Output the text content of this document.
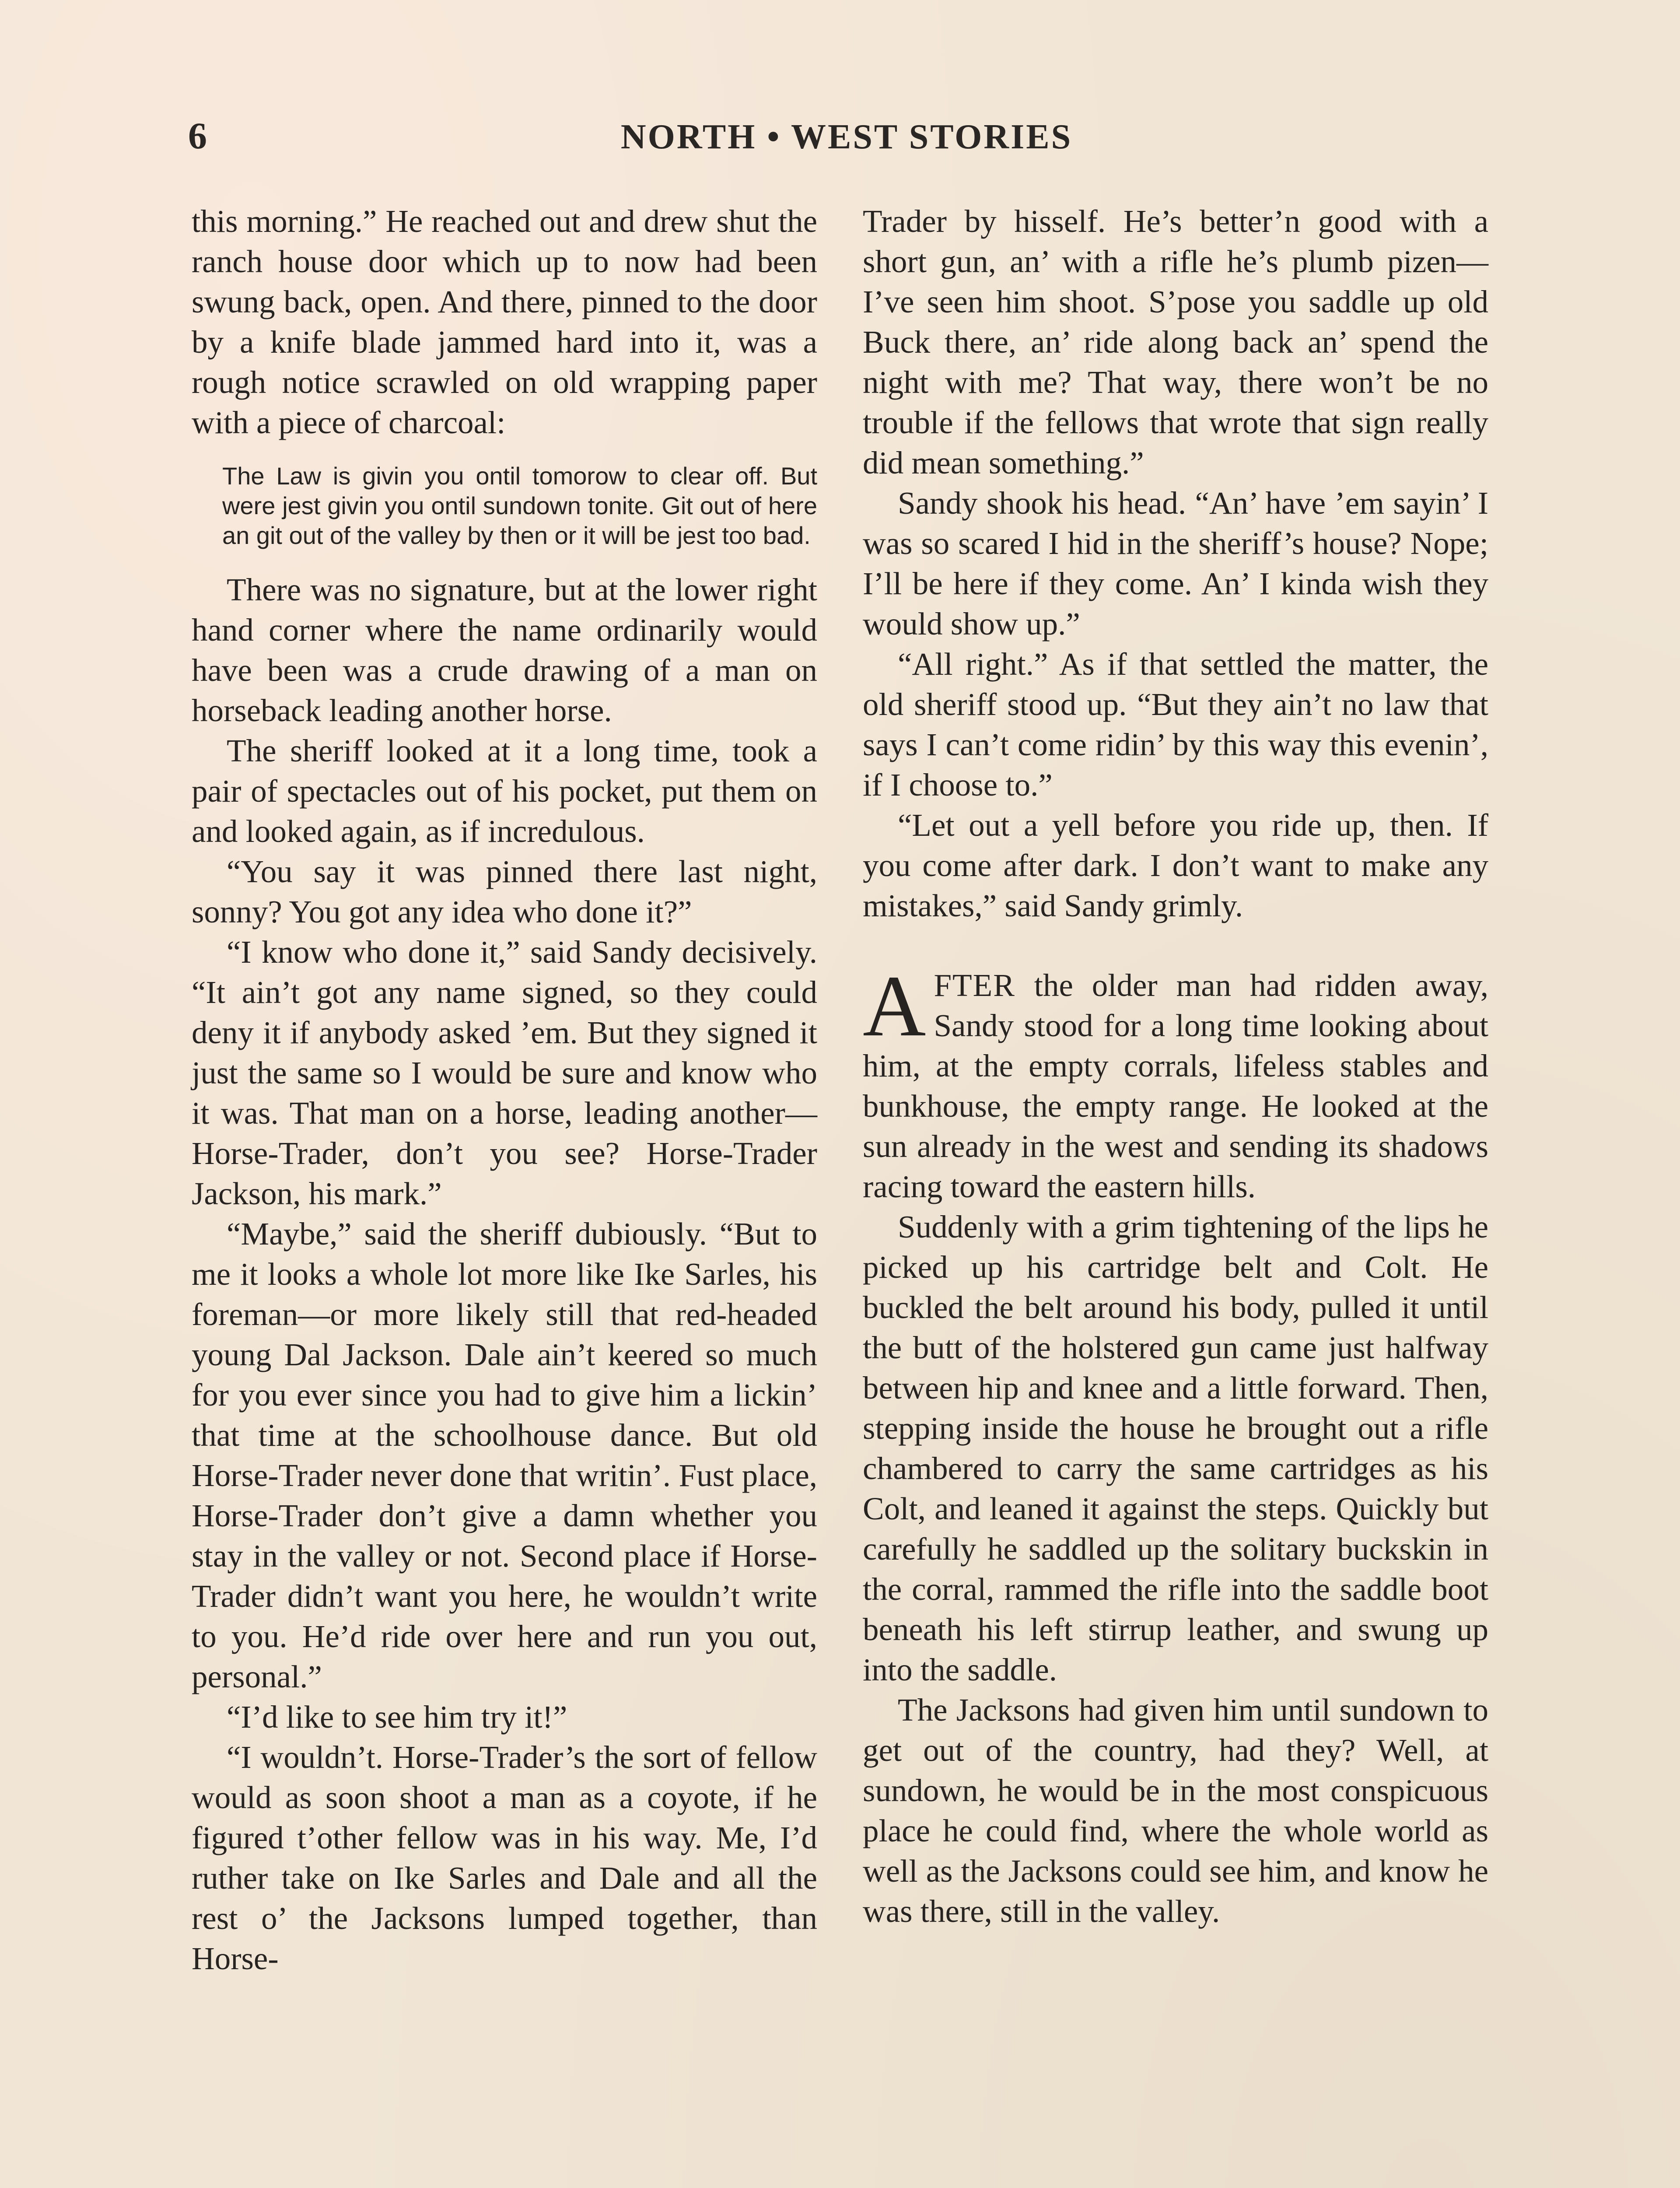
6	NORTH • WEST STORIES

this morning.” He reached out and drew shut the ranch house door which up to now had been swung back, open. And there, pinned to the door by a knife blade jammed hard into it, was a rough notice scrawled on old wrapping paper with a piece of charcoal:

The Law is givin you ontil tomorow to clear off. But were jest givin you ontil sundown tonite. Git out of here an git out of the valley by then or it will be jest too bad.

There was no signature, but at the lower right hand corner where the name ordinarily would have been was a crude drawing of a man on horseback leading another horse.

The sheriff looked at it a long time, took a pair of spectacles out of his pocket, put them on and looked again, as if incredulous.

“You say it was pinned there last night, sonny? You got any idea who done it?”

“I know who done it,” said Sandy decisively. “It ain’t got any name signed, so they could deny it if anybody asked ’em. But they signed it just the same so I would be sure and know who it was. That man on a horse, leading another—Horse-Trader, don’t you see? Horse-Trader Jackson, his mark.”

“Maybe,” said the sheriff dubiously. “But to me it looks a whole lot more like Ike Sarles, his foreman—or more likely still that red-headed young Dal Jackson. Dale ain’t keered so much for you ever since you had to give him a lickin’ that time at the schoolhouse dance. But old Horse-Trader never done that writin’. Fust place, Horse-Trader don’t give a damn whether you stay in the valley or not. Second place if Horse-Trader didn’t want you here, he wouldn’t write to you. He’d ride over here and run you out, personal.”

“I’d like to see him try it!”

“I wouldn’t. Horse-Trader’s the sort of fellow would as soon shoot a man as a coyote, if he figured t’other fellow was in his way. Me, I’d ruther take on Ike Sarles and Dale and all the rest o’ the Jacksons lumped together, than Horse-

Trader by hisself. He’s better’n good with a short gun, an’ with a rifle he’s plumb pizen—I’ve seen him shoot. S’pose you saddle up old Buck there, an’ ride along back an’ spend the night with me? That way, there won’t be no trouble if the fellows that wrote that sign really did mean something.”

Sandy shook his head. “An’ have ’em sayin’ I was so scared I hid in the sheriff’s house? Nope; I’ll be here if they come. An’ I kinda wish they would show up.”

“All right.” As if that settled the matter, the old sheriff stood up. “But they ain’t no law that says I can’t come ridin’ by this way this evenin’, if I choose to.”

“Let out a yell before you ride up, then. If you come after dark. I don’t want to make any mistakes,” said Sandy grimly.

AFTER the older man had ridden away, Sandy stood for a long time looking about him, at the empty corrals, lifeless stables and bunkhouse, the empty range. He looked at the sun already in the west and sending its shadows racing toward the eastern hills.

Suddenly with a grim tightening of the lips he picked up his cartridge belt and Colt. He buckled the belt around his body, pulled it until the butt of the holstered gun came just halfway between hip and knee and a little forward. Then, stepping inside the house he brought out a rifle chambered to carry the same cartridges as his Colt, and leaned it against the steps. Quickly but carefully he saddled up the solitary buckskin in the corral, rammed the rifle into the saddle boot beneath his left stirrup leather, and swung up into the saddle.

The Jacksons had given him until sundown to get out of the country, had they? Well, at sundown, he would be in the most conspicuous place he could find, where the whole world as well as the Jacksons could see him, and know he was there, still in the valley.
